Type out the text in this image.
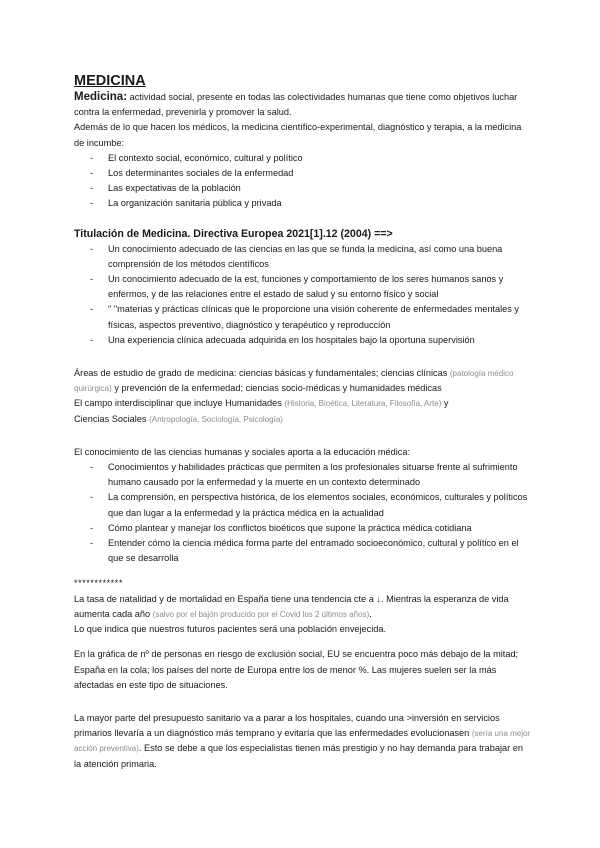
MEDICINA

Medicina: actividad social, presente en todas las colectividades humanas que tiene como objetivos luchar contra la enfermedad, prevenirla y promover la salud.

Además de lo que hacen los médicos, la medicina científico-experimental, diagnóstico y terapia, a la medicina de incumbe:

- El contexto social, económico, cultural y político
- Los determinantes sociales de la enfermedad
- Las expectativas de la población
- La organización sanitaria pública y privada
Titulación de Medicina. Directiva Europea 2021[1].12 (2004) ==>
- Un conocimiento adecuado de las ciencias en las que se funda la medicina, así como una buena comprensión de los métodos científicos
- Un conocimiento adecuado de la est, funciones y comportamiento de los seres humanos sanos y enfermos, y de las relaciones entre el estado de salud y su entorno físico y social
- " "materias y prácticas clínicas que le proporcione una visión coherente de enfermedades mentales y físicas, aspectos preventivo, diagnóstico y terapéutico y reproducción
- Una experiencia clínica adecuada adquirida en los hospitales bajo la oportuna supervisión

Áreas de estudio de grado de medicina: ciencias básicas y fundamentales; ciencias clínicas (patología médico quirúrgica) y prevención de la enfermedad; ciencias socio-médicas y humanidades médicas

El campo interdisciplinar que incluye Humanidades (Historia, Bioética, Literatura, Filosofía, Arte) y

Ciencias Sociales (Antropología, Sociología, Psicología)

El conocimiento de las ciencias humanas y sociales aporta a la educación médica:

- Conocimientos y habilidades prácticas que permiten a los profesionales situarse frente al sufrimiento humano causado por la enfermedad y la muerte en un contexto determinado
- La comprensión, en perspectiva histórica, de los elementos sociales, económicos, culturales y políticos que dan lugar a la enfermedad y la práctica médica en la actualidad
- Cómo plantear y manejar los conflictos bioéticos que supone la práctica médica cotidiana
- Entender cómo la ciencia médica forma parte del entramado socioeconómico, cultural y político en el que se desarrolla

************

La tasa de natalidad y de mortalidad en España tiene una tendencia cte a ↓. Mientras la esperanza de vida aumenta cada año (salvo por el bajón producido por el Covid los 2 últimos años).

Lo que indica que nuestros futuros pacientes será una población envejecida.

En la gráfica de nº de personas en riesgo de exclusión social, EU se encuentra poco más debajo de la mitad; España en la cola; los países del norte de Europa entre los de menor %. Las mujeres suelen ser la más afectadas en este tipo de situaciones.

La mayor parte del presupuesto sanitario va a parar a los hospitales, cuando una >inversión en servicios primarios llevaría a un diagnóstico más temprano y evitaría que las enfermedades evolucionasen (sería una mejor acción preventiva). Esto se debe a que los especialistas tienen más prestigio y no hay demanda para trabajar en la atención primaria.
